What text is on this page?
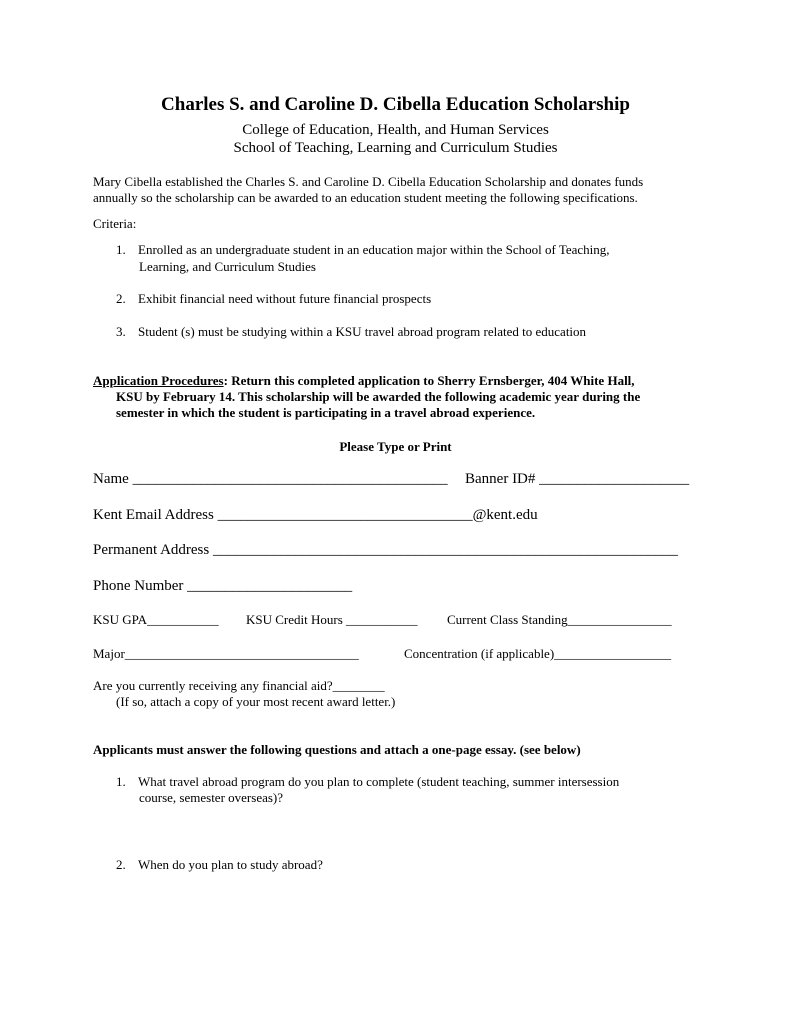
Charles S. and Caroline D. Cibella Education Scholarship
College of Education, Health, and Human Services
School of Teaching, Learning and Curriculum Studies
Mary Cibella established the Charles S. and Caroline D. Cibella Education Scholarship and donates funds
annually so the scholarship can be awarded to an education student meeting the following specifications.
Criteria:
1. Enrolled as an undergraduate student in an education major within the School of Teaching,
Learning, and Curriculum Studies
2. Exhibit financial need without future financial prospects
3. Student (s) must be studying within a KSU travel abroad program related to education
Application Procedures: Return this completed application to Sherry Ernsberger, 404 White Hall,
KSU by February 14. This scholarship will be awarded the following academic year during the
semester in which the student is participating in a travel abroad experience.
Please Type or Print
Name __________________________________________ Banner ID# ____________________
Kent Email Address __________________________________@kent.edu
Permanent Address ______________________________________________________________
Phone Number ______________________
KSU GPA___________ KSU Credit Hours ___________ Current Class Standing________________
Major____________________________________	Concentration (if applicable)__________________
Are you currently receiving any financial aid?________
(If so, attach a copy of your most recent award letter.)
Applicants must answer the following questions and attach a one-page essay. (see below)
1. What travel abroad program do you plan to complete (student teaching, summer intersession
course, semester overseas)?
2. When do you plan to study abroad?
